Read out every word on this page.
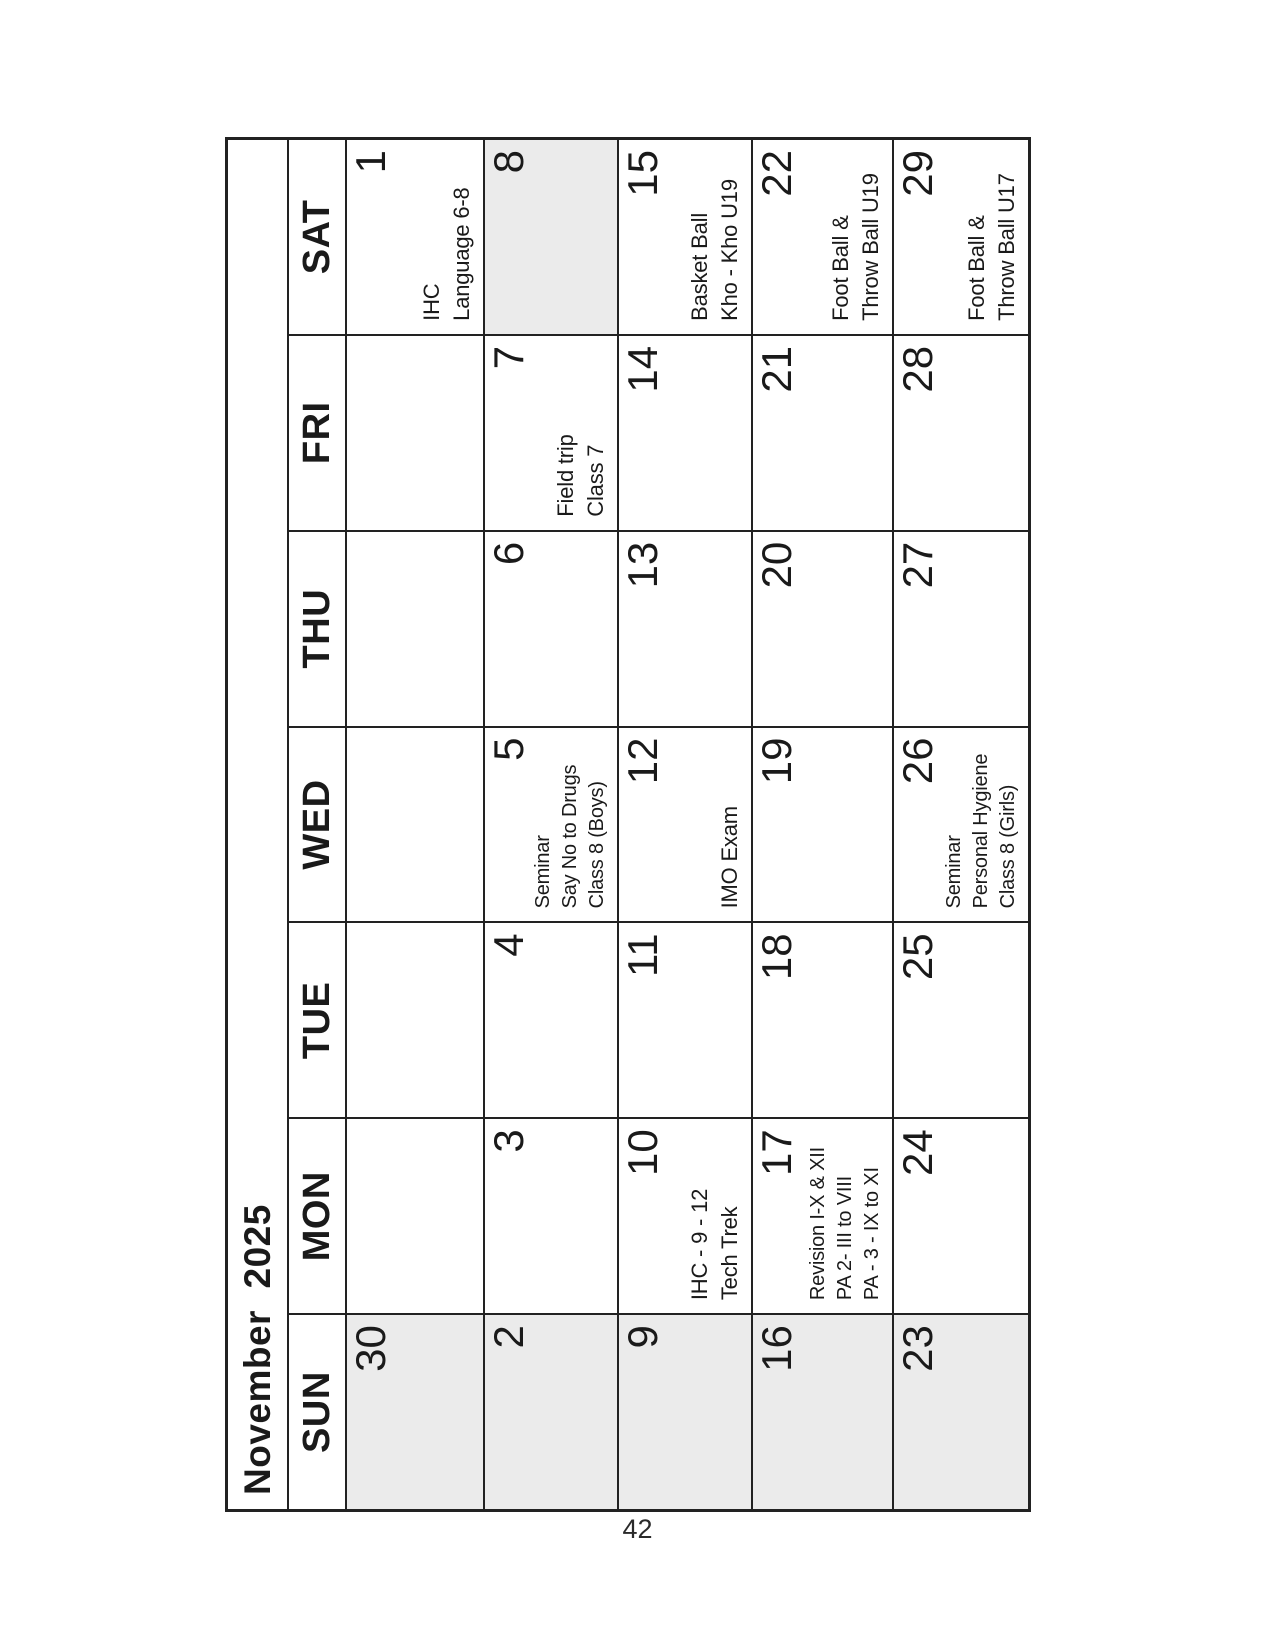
November  2025 SUN
MON
TUE
WED
THU
FRI
SAT
30
1
IHC Language 6-8
2
3
4
5
Seminar Say No to Drugs Class 8 (Boys)
6
7
Field trip Class 7
8
9
10
IHC - 9 - 12 Tech Trek
11
12
IMO Exam
13
14
15
Basket Ball Kho - Kho U19
16
17 Revision I-X & XII PA 2- III to VIII PA - 3 - IX to XI
18
19
20
21
22
Foot Ball & Throw Ball U19
23
24
25
26
Seminar Personal Hygiene Class 8 (Girls)
27
28
29
Foot Ball & Throw Ball U17
42
